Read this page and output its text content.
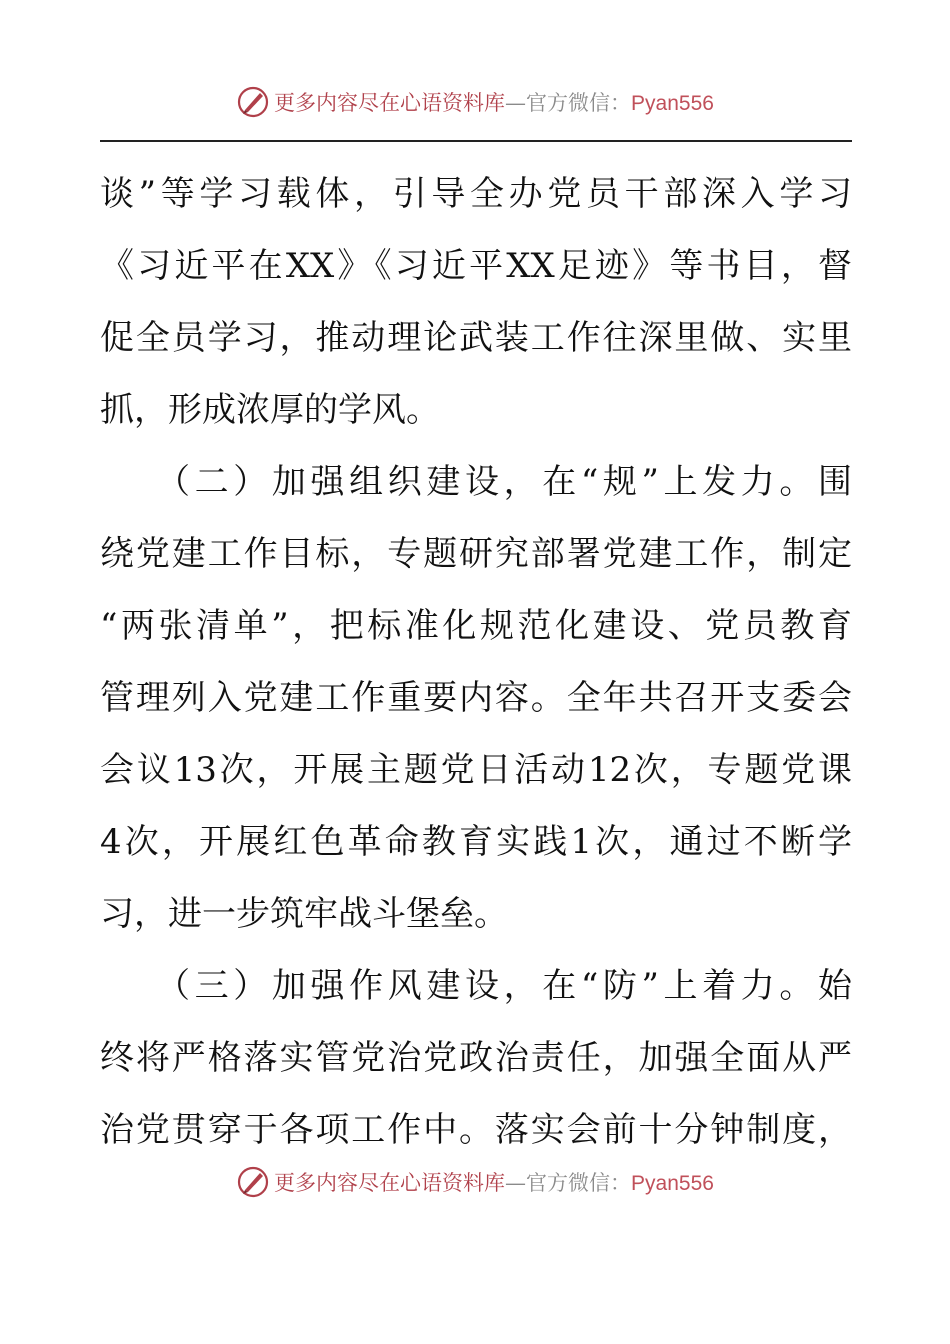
更多内容尽在心语资料库—官方微信：Pyan556
谈”等学习载体，引导全办党员干部深入学习
《习近平在XX》《习近平XX足迹》等书目，督
促全员学习，推动理论武装工作往深里做、实里
抓，形成浓厚的学风。
（二）加强组织建设，在“规”上发力。围
绕党建工作目标，专题研究部署党建工作，制定
“两张清单”，把标准化规范化建设、党员教育
管理列入党建工作重要内容。全年共召开支委会
会议13次，开展主题党日活动12次，专题党课
4次，开展红色革命教育实践1次，通过不断学
习，进一步筑牢战斗堡垒。
（三）加强作风建设，在“防”上着力。始
终将严格落实管党治党政治责任，加强全面从严
治党贯穿于各项工作中。落实会前十分钟制度，
更多内容尽在心语资料库—官方微信：Pyan556
